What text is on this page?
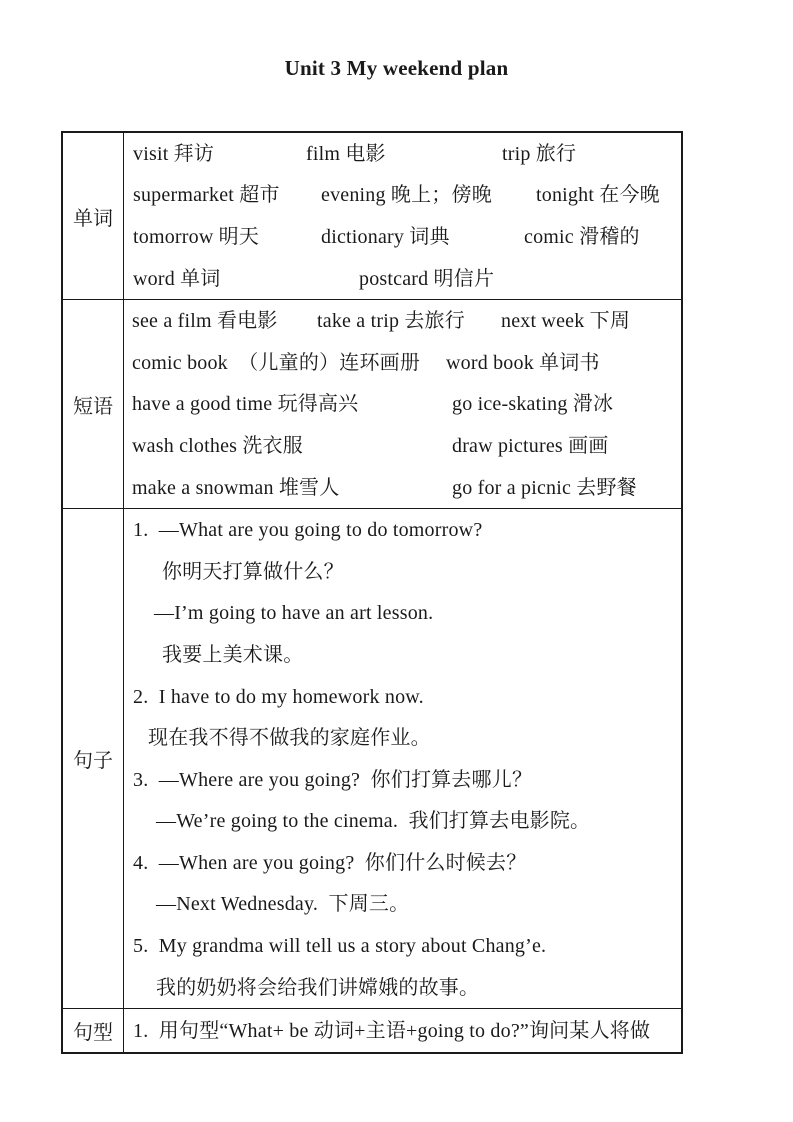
Unit 3 My weekend plan
单词
visit 拜访	film 电影	trip 旅行
supermarket 超市 evening 晚上；傍晚 tonight 在今晚
tomorrow 明天	dictionary 词典	comic 滑稽的
word 单词	postcard 明信片
短语
see a film 看电影 take a trip 去旅行 next week 下周
comic book  （儿童的）连环画册 word book 单词书
have a good time 玩得高兴	go ice-skating 滑冰
wash clothes 洗衣服	draw pictures 画画
make a snowman 堆雪人	go for a picnic 去野餐
句子
1.  —What are you going to do tomorrow?
你明天打算做什么？
—I’m going to have an art lesson.
我要上美术课。
2.  I have to do my homework now.
现在我不得不做我的家庭作业。
3.  —Where are you going?  你们打算去哪儿？
—We’re going to the cinema.  我们打算去电影院。
4.  —When are you going?  你们什么时候去？
—Next Wednesday.  下周三。
5.  My grandma will tell us a story about Chang’e.
我的奶奶将会给我们讲嫦娥的故事。
句型	1.  用句型“What+ be 动词+主语+going to do?”询问某人将做
